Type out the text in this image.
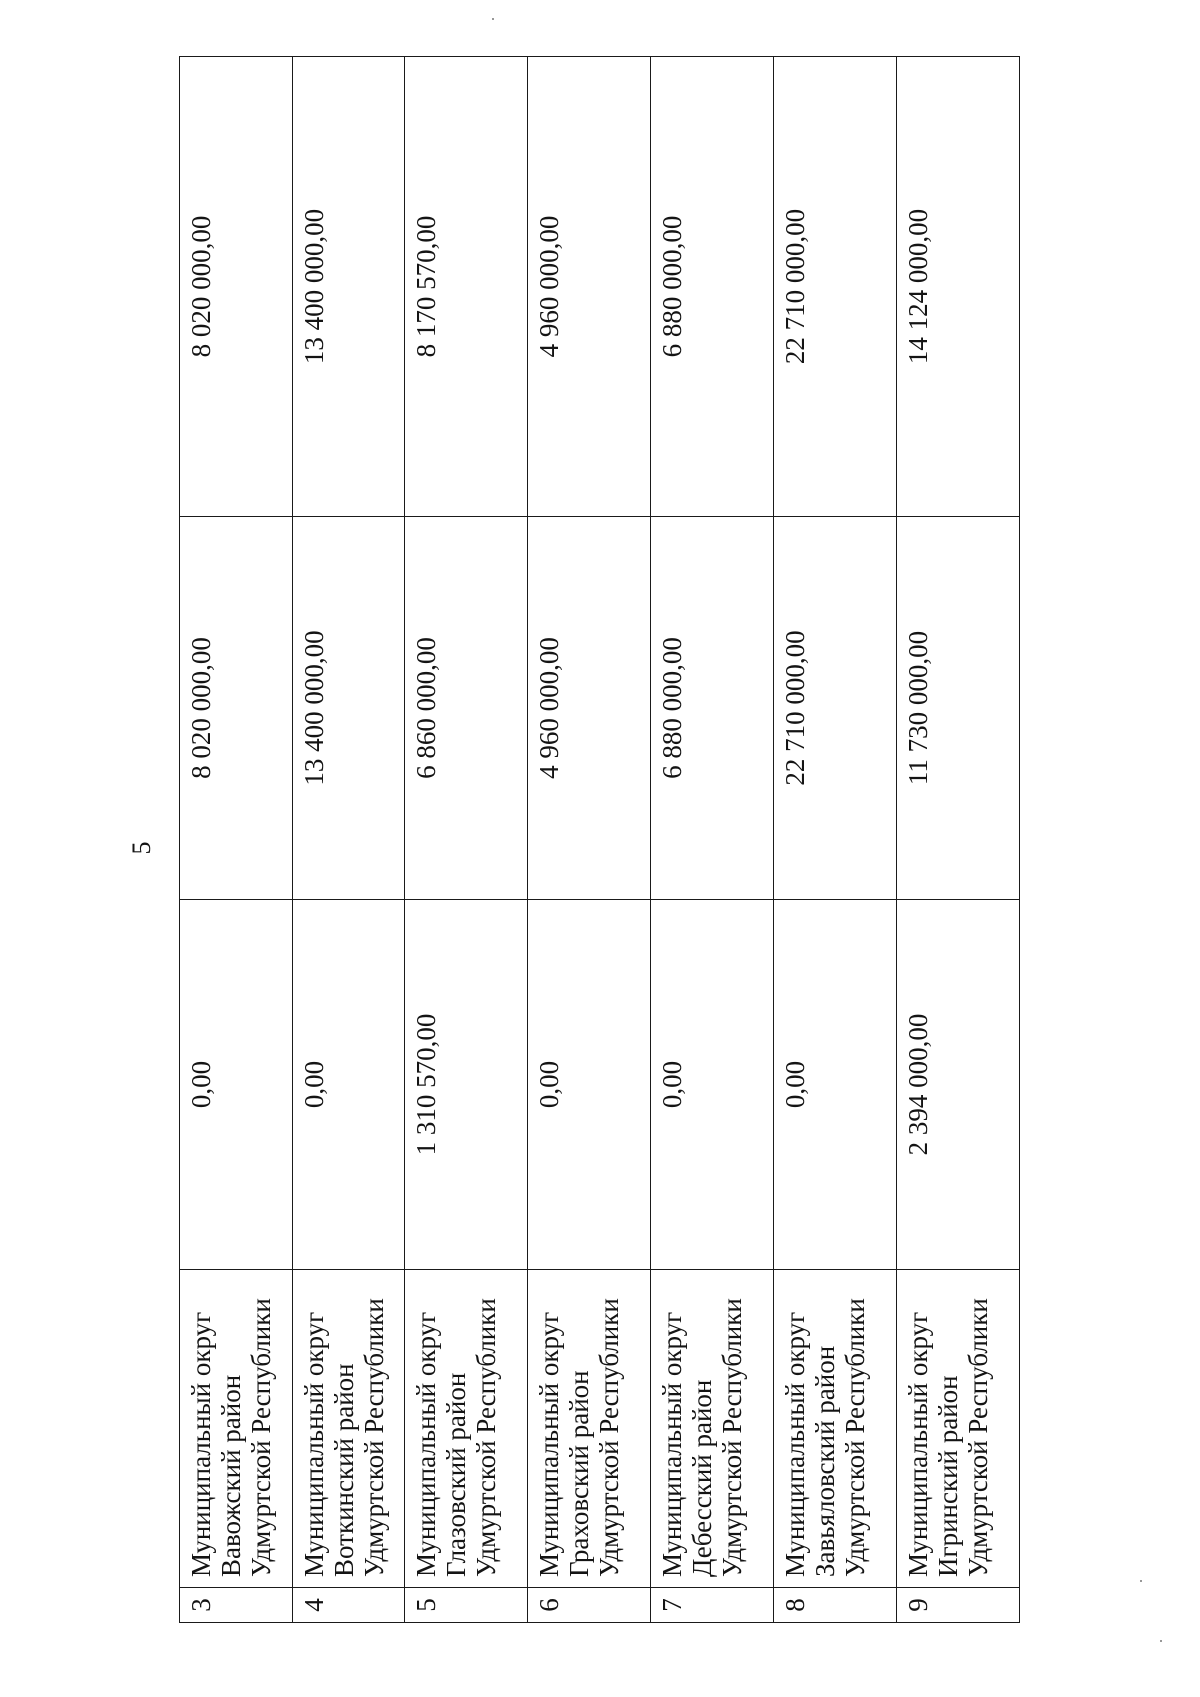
5
3	Муниципальный округ Вавожский район Удмуртской Республики	0,00	8 020 000,00	8 020 000,00
4	Муниципальный округ Воткинский район Удмуртской Республики	0,00	13 400 000,00	13 400 000,00
5	Муниципальный округ Глазовский район Удмуртской Республики	1 310 570,00	6 860 000,00	8 170 570,00
6	Муниципальный округ Граховский район Удмуртской Республики	0,00	4 960 000,00	4 960 000,00
7	Муниципальный округ Дебесский район Удмуртской Республики	0,00	6 880 000,00	6 880 000,00
8	Муниципальный округ Завьяловский район Удмуртской Республики	0,00	22 710 000,00	22 710 000,00
9	Муниципальный округ Игринский район Удмуртской Республики	2 394 000,00	11 730 000,00	14 124 000,00
